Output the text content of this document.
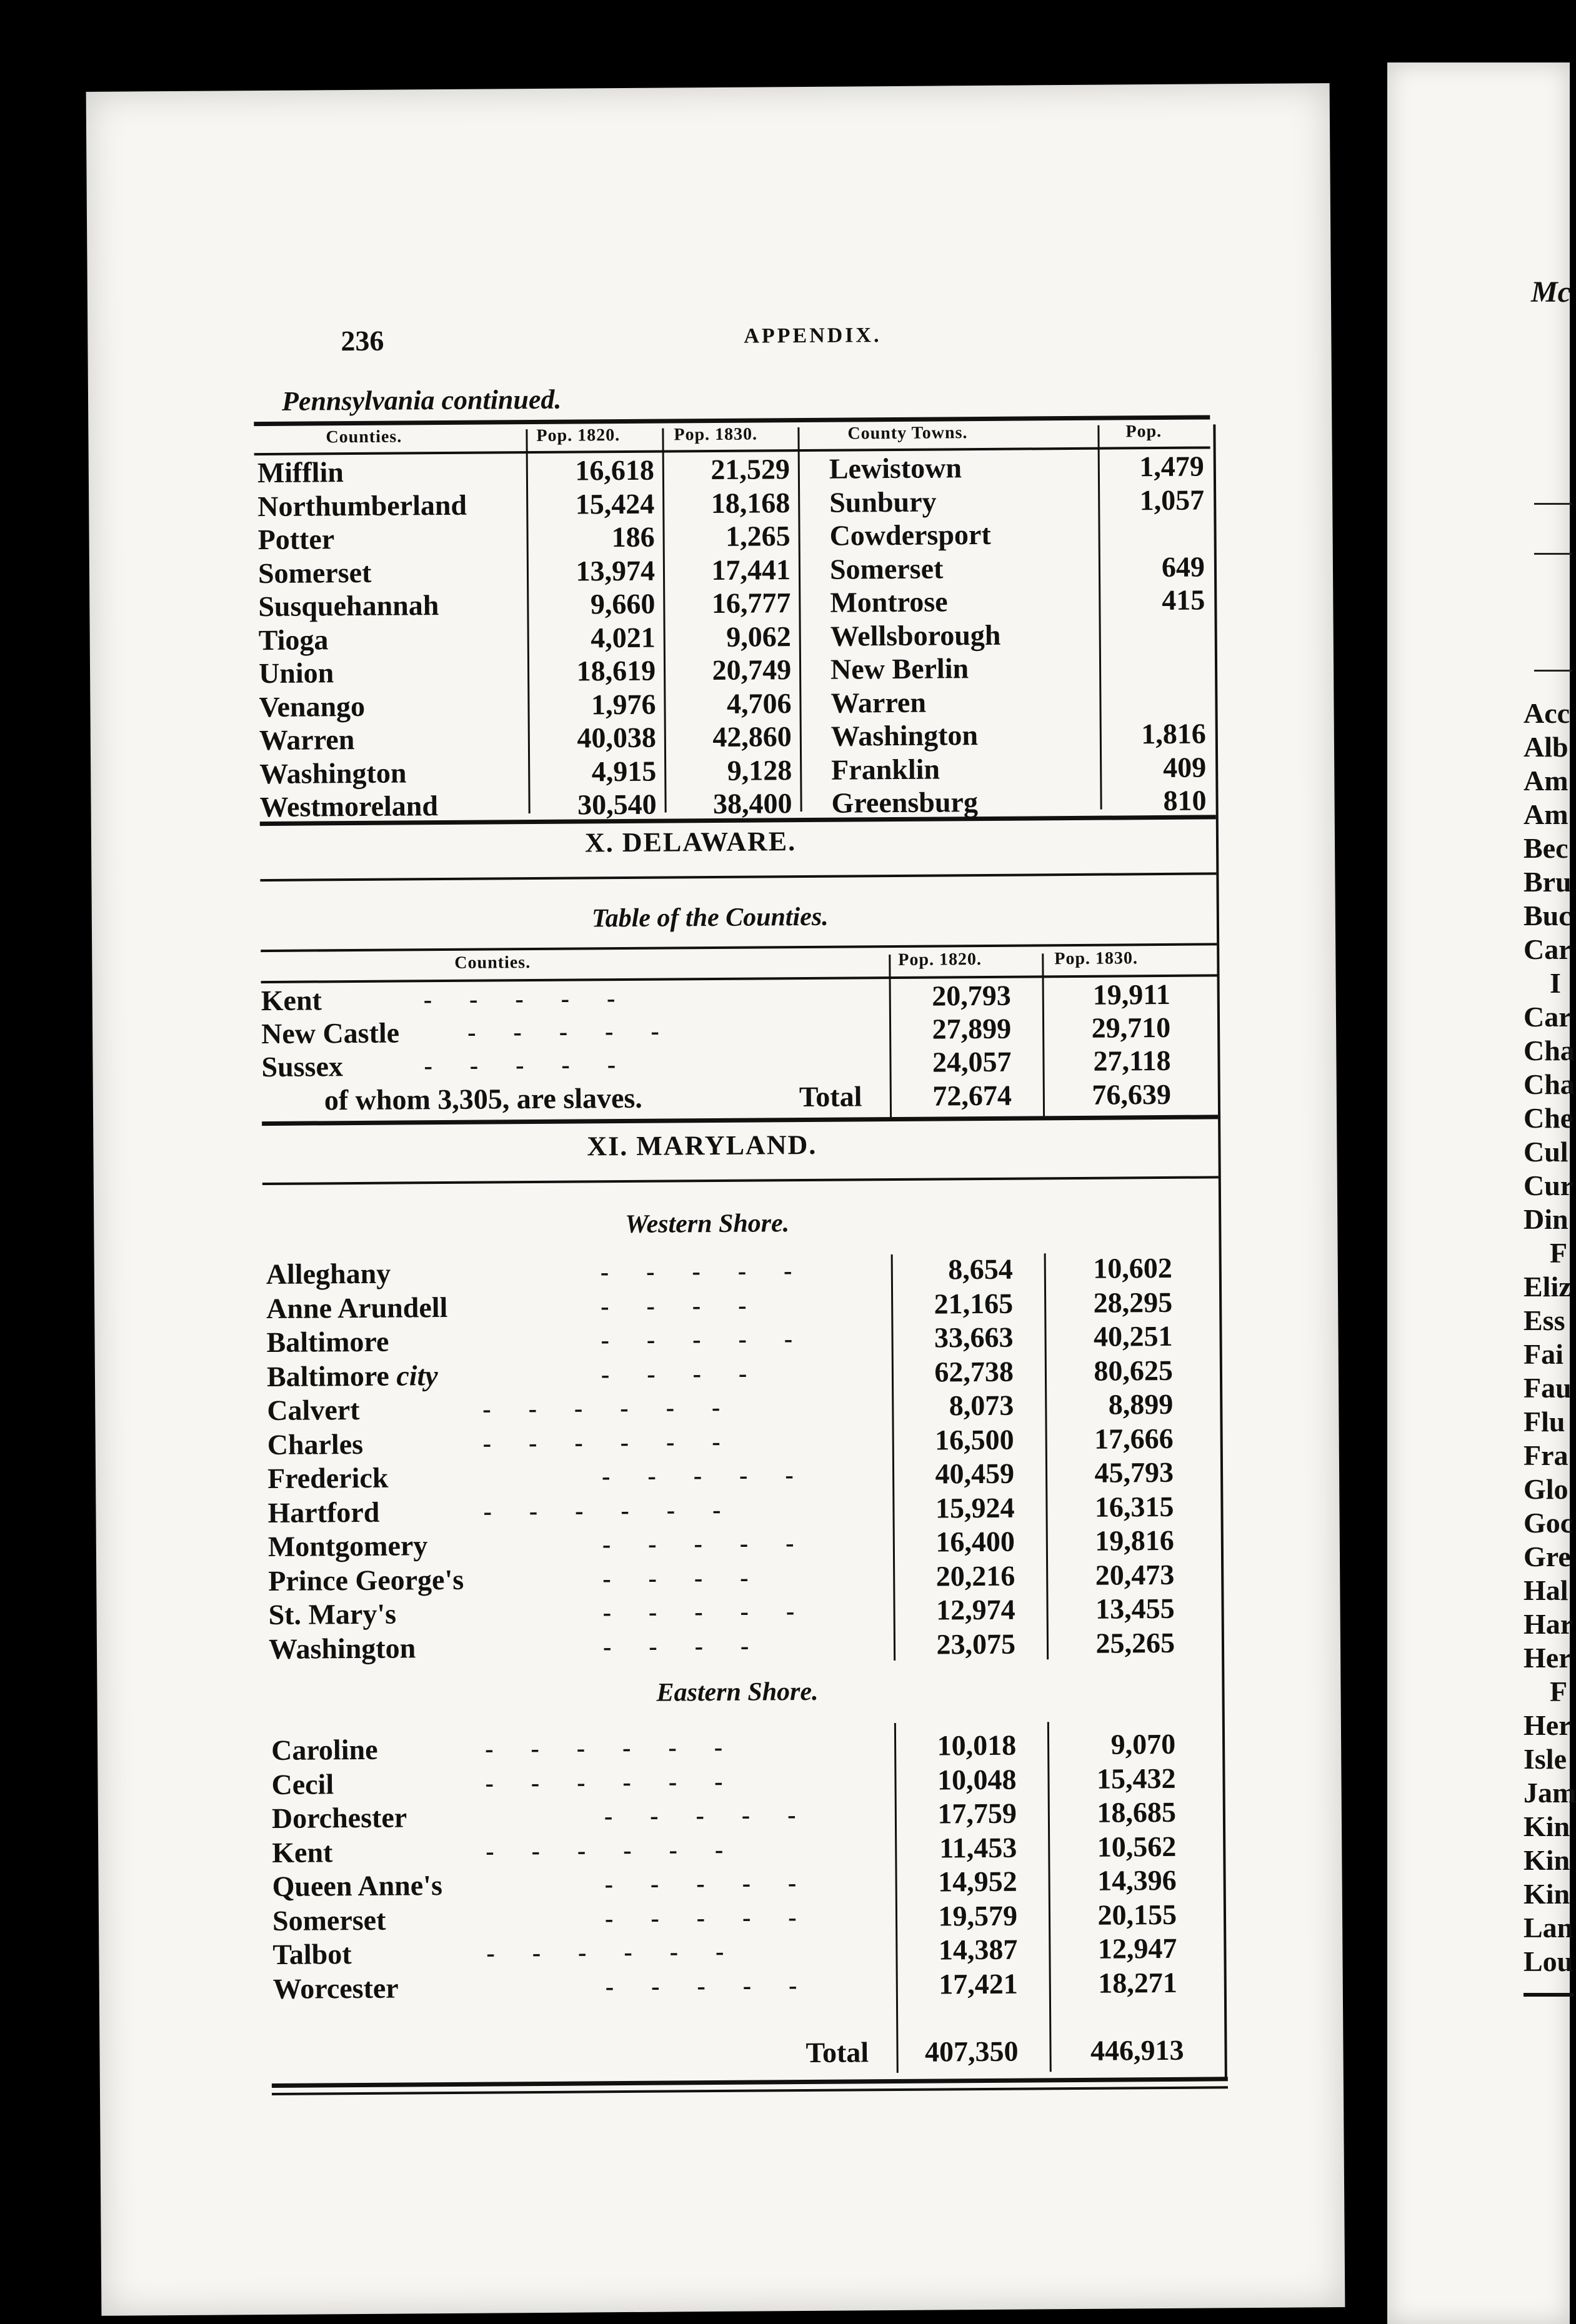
Mc
Acc
Alb
Am
Am
Bec
Bru
Buc
Car
I
Car
Cha
Cha
Che
Cul
Cur
Din
F
Eliz
Ess
Fai
Fau
Flu
Fra
Glo
Goc
Gre
Hal
Har
Her
F
Her
Isle
Jam
Kin
Kin
Kin
Lan
Lou
236	APPENDIX.
Pennsylvania continued.
Counties.	Pop. 1820.	Pop. 1830.	County Towns.	Pop.
Mifflin	16,618	21,529 Lewistown	1,479
Northumberland	15,424	18,168 Sunbury	1,057
Potter	186	1,265 Cowdersport
Somerset	13,974	17,441 Somerset	649
Susquehannah	9,660	16,777 Montrose	415
Tioga	4,021	9,062 Wellsborough
Union	18,619	20,749 New Berlin
Venango	1,976	4,706 Warren
Warren	40,038	42,860 Washington	1,816
Washington	4,915	9,128 Franklin	409
Westmoreland	30,540	38,400 Greensburg	810
X. DELAWARE.
Table of the Counties.
Counties.	Pop. 1820.	Pop. 1830.
Kent	-      -      -      -      -	20,793	19,911
New Castle	-      -      -      -      -	27,899	29,710
Sussex	-      -      -      -      -	24,057	27,118
of whom 3,305, are slaves.	Total	72,674	76,639
XI. MARYLAND.
Western Shore.
Alleghany	-      -      -      -      -	8,654	10,602
Anne Arundell	-      -      -      -	21,165	28,295
Baltimore	-      -      -      -      -	33,663	40,251
Baltimore city	-      -      -      -	62,738	80,625
Calvert	-      -      -      -      -      -	8,073	8,899
Charles	-      -      -      -      -      -	16,500	17,666
Frederick	-      -      -      -      -	40,459	45,793
Hartford	-      -      -      -      -      -	15,924	16,315
Montgomery	-      -      -      -      -	16,400	19,816
Prince George's	-      -      -      -	20,216	20,473
St. Mary's	-      -      -      -      -	12,974	13,455
Washington	-      -      -      -	23,075	25,265
Eastern Shore.
Caroline	-      -      -      -      -      -	10,018	9,070
Cecil	-      -      -      -      -      -	10,048	15,432
Dorchester	-      -      -      -      -	17,759	18,685
Kent	-      -      -      -      -      -	11,453	10,562
Queen Anne's	-      -      -      -      -	14,952	14,396
Somerset	-      -      -      -      -	19,579	20,155
Talbot	-      -      -      -      -      -	14,387	12,947
Worcester	-      -      -      -      -	17,421	18,271
Total	407,350	446,913
